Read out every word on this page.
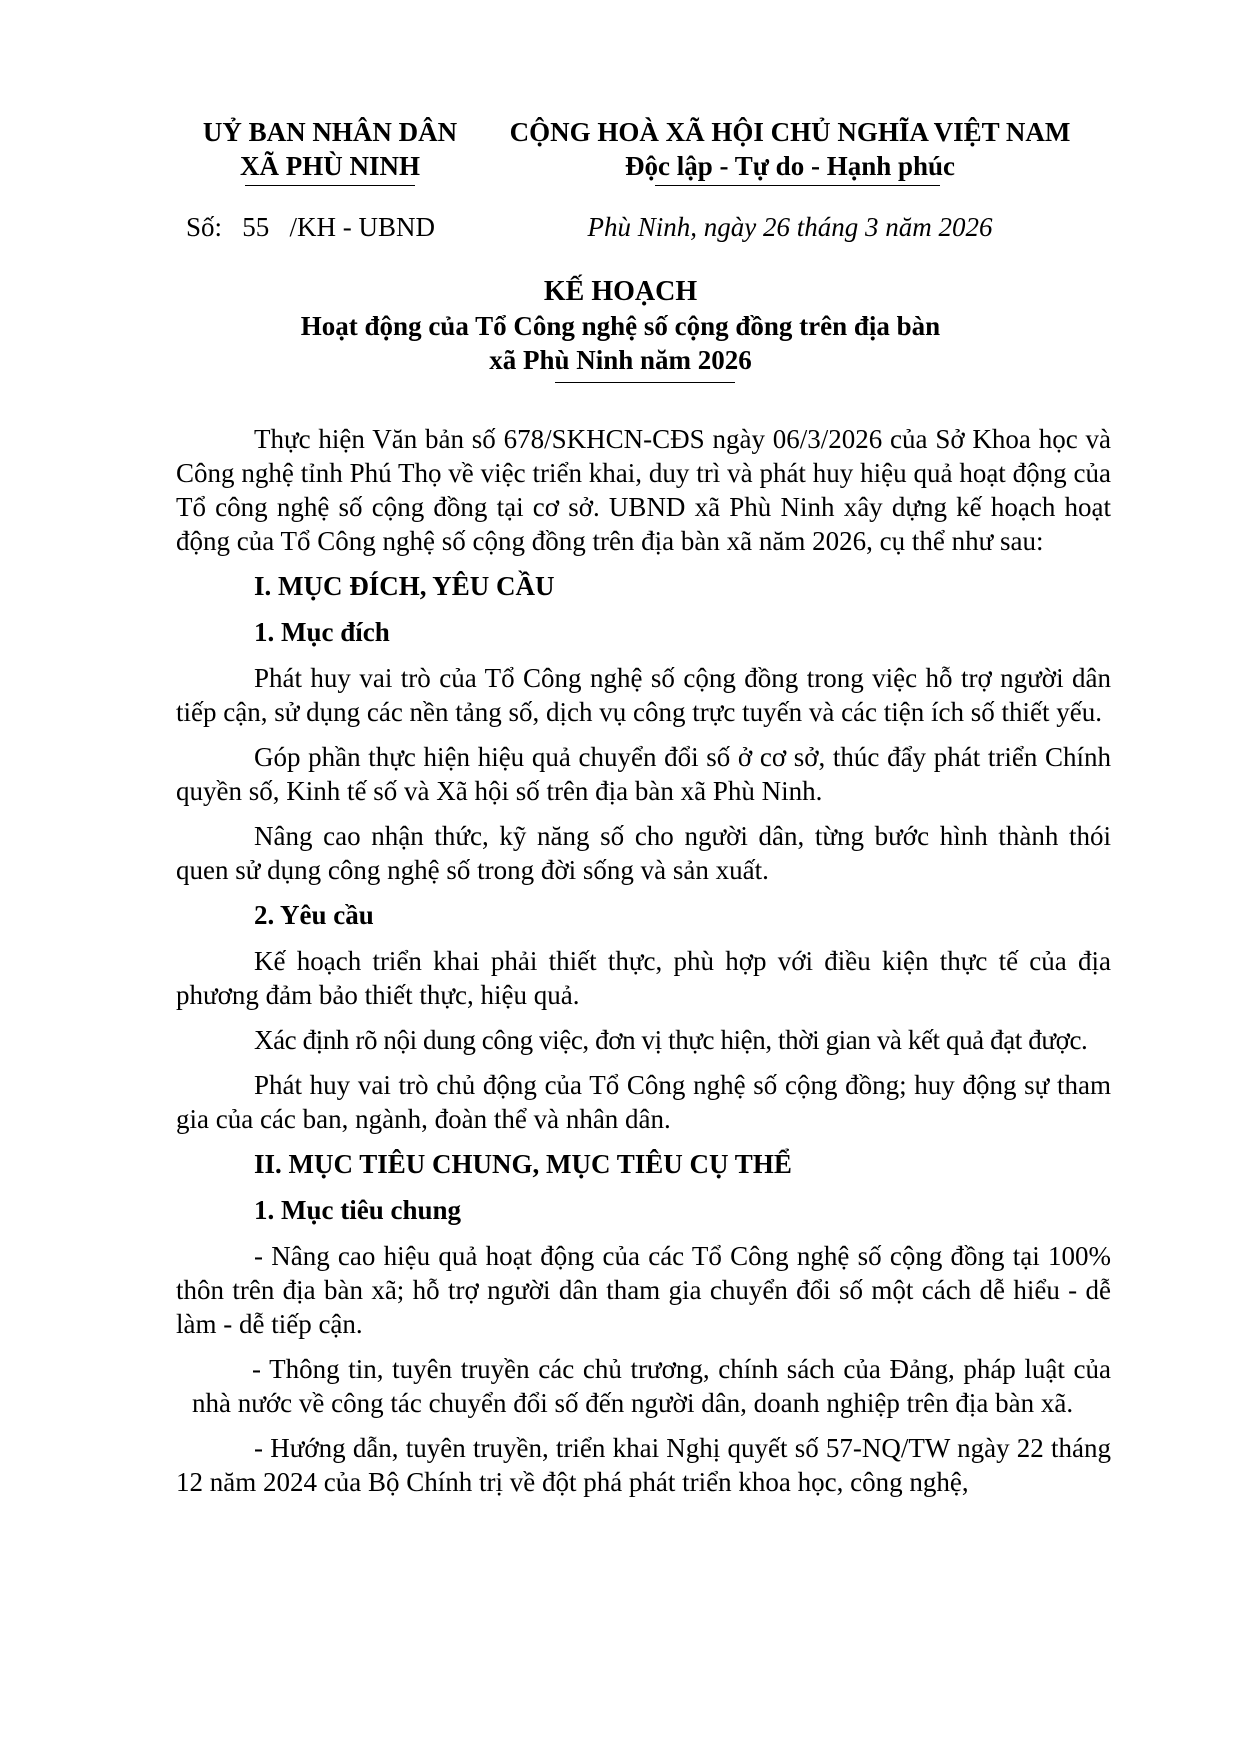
UỶ BAN NHÂN DÂN
XÃ PHÙ NINH
CỘNG HOÀ XÃ HỘI CHỦ NGHĨA VIỆT NAM
Độc lập - Tự do - Hạnh phúc
Số:   55   /KH - UBND	Phù Ninh, ngày 26 tháng 3 năm 2026
KẾ HOẠCH
Hoạt động của Tổ Công nghệ số cộng đồng trên địa bàn
xã Phù Ninh năm 2026

Thực hiện Văn bản số 678/SKHCN-CĐS ngày 06/3/2026 của Sở Khoa học và Công nghệ tỉnh Phú Thọ về việc triển khai, duy trì và phát huy hiệu quả hoạt động của Tổ công nghệ số cộng đồng tại cơ sở. UBND xã Phù Ninh xây dựng kế hoạch hoạt động của Tổ Công nghệ số cộng đồng trên địa bàn xã năm 2026, cụ thể như sau:

I. MỤC ĐÍCH, YÊU CẦU
1. Mục đích

Phát huy vai trò của Tổ Công nghệ số cộng đồng trong việc hỗ trợ người dân tiếp cận, sử dụng các nền tảng số, dịch vụ công trực tuyến và các tiện ích số thiết yếu.

Góp phần thực hiện hiệu quả chuyển đổi số ở cơ sở, thúc đẩy phát triển Chính quyền số, Kinh tế số và Xã hội số trên địa bàn xã Phù Ninh.

Nâng cao nhận thức, kỹ năng số cho người dân, từng bước hình thành thói quen sử dụng công nghệ số trong đời sống và sản xuất.

2. Yêu cầu

Kế hoạch triển khai phải thiết thực, phù hợp với điều kiện thực tế của địa phương đảm bảo thiết thực, hiệu quả.

Xác định rõ nội dung công việc, đơn vị thực hiện, thời gian và kết quả đạt được.

Phát huy vai trò chủ động của Tổ Công nghệ số cộng đồng; huy động sự tham gia của các ban, ngành, đoàn thể và nhân dân.

II. MỤC TIÊU CHUNG, MỤC TIÊU CỤ THỂ
1. Mục tiêu chung

- Nâng cao hiệu quả hoạt động của các Tổ Công nghệ số cộng đồng tại 100% thôn trên địa bàn xã; hỗ trợ người dân tham gia chuyển đổi số một cách dễ hiểu - dễ làm - dễ tiếp cận.

- Thông tin, tuyên truyền các chủ trương, chính sách của Đảng, pháp luật của nhà nước về công tác chuyển đổi số đến người dân, doanh nghiệp trên địa bàn xã.

- Hướng dẫn, tuyên truyền, triển khai Nghị quyết số 57-NQ/TW ngày 22 tháng 12 năm 2024 của Bộ Chính trị về đột phá phát triển khoa học, công nghệ,
